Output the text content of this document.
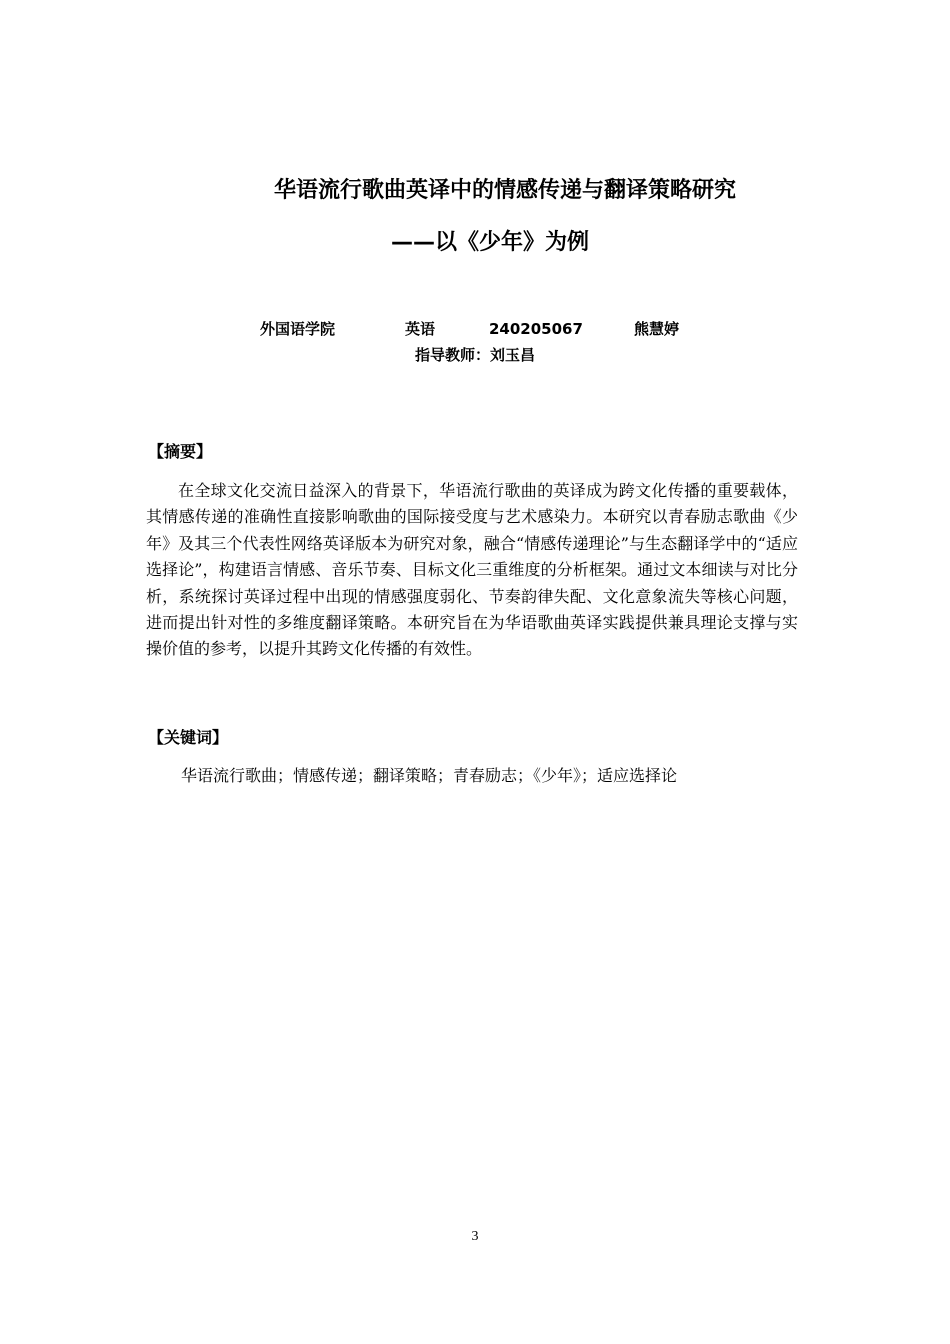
华语流行歌曲英译中的情感传递与翻译策略研究
——以《少年》为例
外国语学院	英语	240205067	熊慧婷
指导教师：刘玉昌
【摘要】

在全球文化交流日益深入的背景下，华语流行歌曲的英译成为跨文化传播的重要载体，其情感传递的准确性直接影响歌曲的国际接受度与艺术感染力。本研究以青春励志歌曲《少年》及其三个代表性网络英译版本为研究对象，融合“情感传递理论”与生态翻译学中的“适应选择论”，构建语言情感、音乐节奏、目标文化三重维度的分析框架。通过文本细读与对比分析，系统探讨英译过程中出现的情感强度弱化、节奏韵律失配、文化意象流失等核心问题，进而提出针对性的多维度翻译策略。本研究旨在为华语歌曲英译实践提供兼具理论支撑与实操价值的参考，以提升其跨文化传播的有效性。

【关键词】
华语流行歌曲；情感传递；翻译策略；青春励志；《少年》；适应选择论
3
